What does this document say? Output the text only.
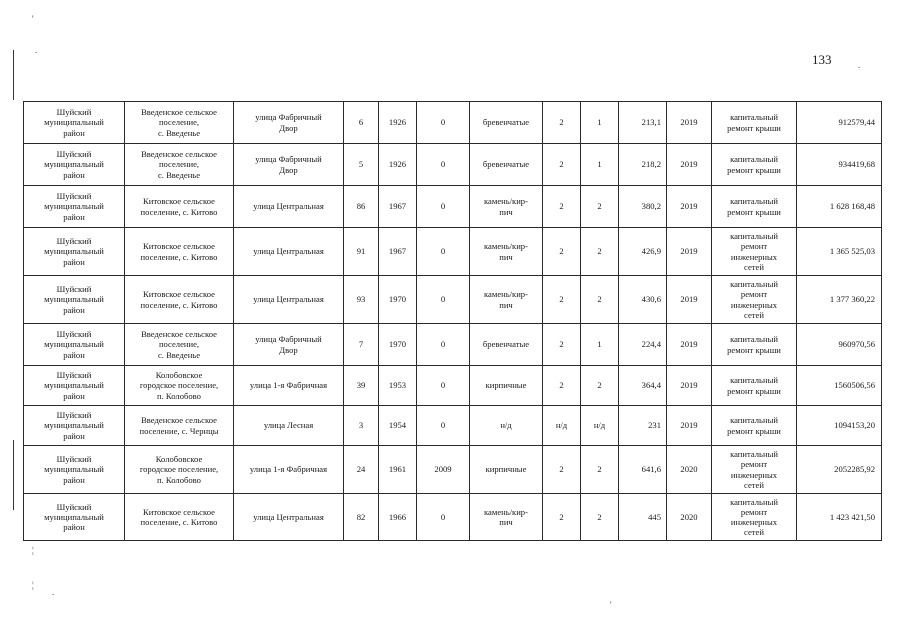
'
.
.
¦
¦
.
'
133
Шуйский
муниципальный
район	Введенское сельское
поселение,
с. Введенье	улица Фабричный
Двор	6	1926	0	бревенчатые	2	1	213,1	2019	капитальный
ремонт крыши	912579,44
Шуйский
муниципальный
район	Введенское сельское
поселение,
с. Введенье	улица Фабричный
Двор	5	1926	0	бревенчатые	2	1	218,2	2019	капитальный
ремонт крыши	934419,68
Шуйский
муниципальный
район	Китовское сельское
поселение, с. Китово	улица Центральная	86	1967	0	камень/кир-
пич	2	2	380,2	2019	капитальный
ремонт крыши	1 628 168,48
Шуйский
муниципальный
район	Китовское сельское
поселение, с. Китово	улица Центральная	91	1967	0	камень/кир-
пич	2	2	426,9	2019	капитальный
ремонт
инженерных
сетей	1 365 525,03
Шуйский
муниципальный
район	Китовское сельское
поселение, с. Китово	улица Центральная	93	1970	0	камень/кир-
пич	2	2	430,6	2019	капитальный
ремонт
инженерных
сетей	1 377 360,22
Шуйский
муниципальный
район	Введенское сельское
поселение,
с. Введенье	улица Фабричный
Двор	7	1970	0	бревенчатые	2	1	224,4	2019	капитальный
ремонт крыши	960970,56
Шуйский
муниципальный
район	Колобовское
городское поселение,
п. Колобово	улица 1-я Фабричная	39	1953	0	кирпичные	2	2	364,4	2019	капитальный
ремонт крыши	1560506,56
Шуйский
муниципальный
район	Введенское сельское
поселение, с. Чернцы	улица Лесная	3	1954	0	н/д	н/д	н/д	231	2019	капитальный
ремонт крыши	1094153,20
Шуйский
муниципальный
район	Колобовское
городское поселение,
п. Колобово	улица 1-я Фабричная	24	1961	2009	кирпичные	2	2	641,6	2020	капитальный
ремонт
инженерных
сетей	2052285,92
Шуйский
муниципальный
район	Китовское сельское
поселение, с. Китово	улица Центральная	82	1966	0	камень/кир-
пич	2	2	445	2020	капитальный
ремонт
инженерных
сетей	1 423 421,50
